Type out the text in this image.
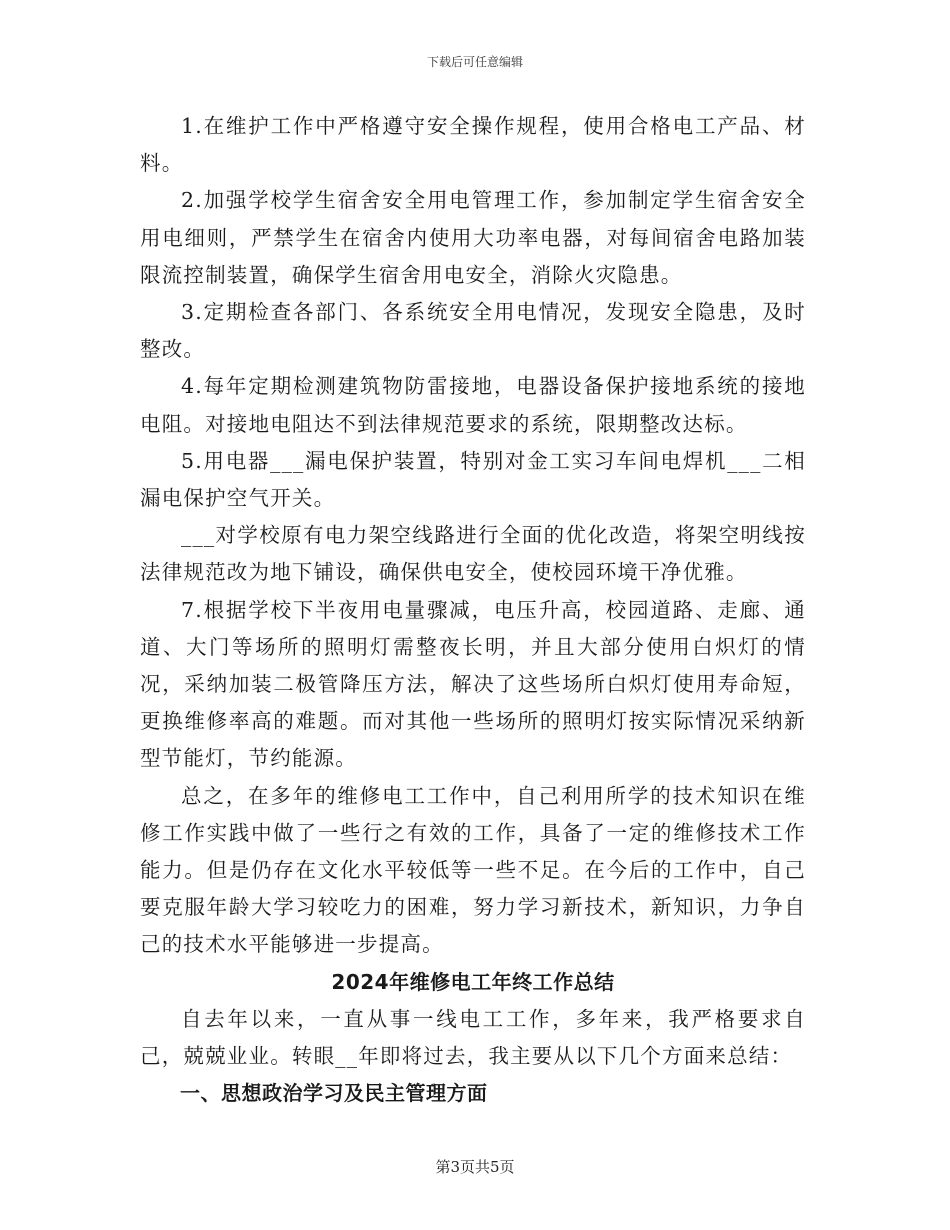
下载后可任意编辑

1.在维护工作中严格遵守安全操作规程，使用合格电工产品、材料。

2.加强学校学生宿舍安全用电管理工作，参加制定学生宿舍安全用电细则，严禁学生在宿舍内使用大功率电器，对每间宿舍电路加装限流控制装置，确保学生宿舍用电安全，消除火灾隐患。

3.定期检查各部门、各系统安全用电情况，发现安全隐患，及时整改。

4.每年定期检测建筑物防雷接地，电器设备保护接地系统的接地电阻。对接地电阻达不到法律规范要求的系统，限期整改达标。

5.用电器___漏电保护装置，特别对金工实习车间电焊机___二相漏电保护空气开关。

___对学校原有电力架空线路进行全面的优化改造，将架空明线按法律规范改为地下铺设，确保供电安全，使校园环境干净优雅。

7.根据学校下半夜用电量骤减，电压升高，校园道路、走廊、通道、大门等场所的照明灯需整夜长明，并且大部分使用白炽灯的情况，采纳加装二极管降压方法，解决了这些场所白炽灯使用寿命短，更换维修率高的难题。而对其他一些场所的照明灯按实际情况采纳新型节能灯，节约能源。

总之，在多年的维修电工工作中，自己利用所学的技术知识在维修工作实践中做了一些行之有效的工作，具备了一定的维修技术工作能力。但是仍存在文化水平较低等一些不足。在今后的工作中，自己要克服年龄大学习较吃力的困难，努力学习新技术，新知识，力争自己的技术水平能够进一步提高。

2024年维修电工年终工作总结

自去年以来，一直从事一线电工工作，多年来，我严格要求自己，兢兢业业。转眼__年即将过去，我主要从以下几个方面来总结：

一、思想政治学习及民主管理方面

第3页共5页
